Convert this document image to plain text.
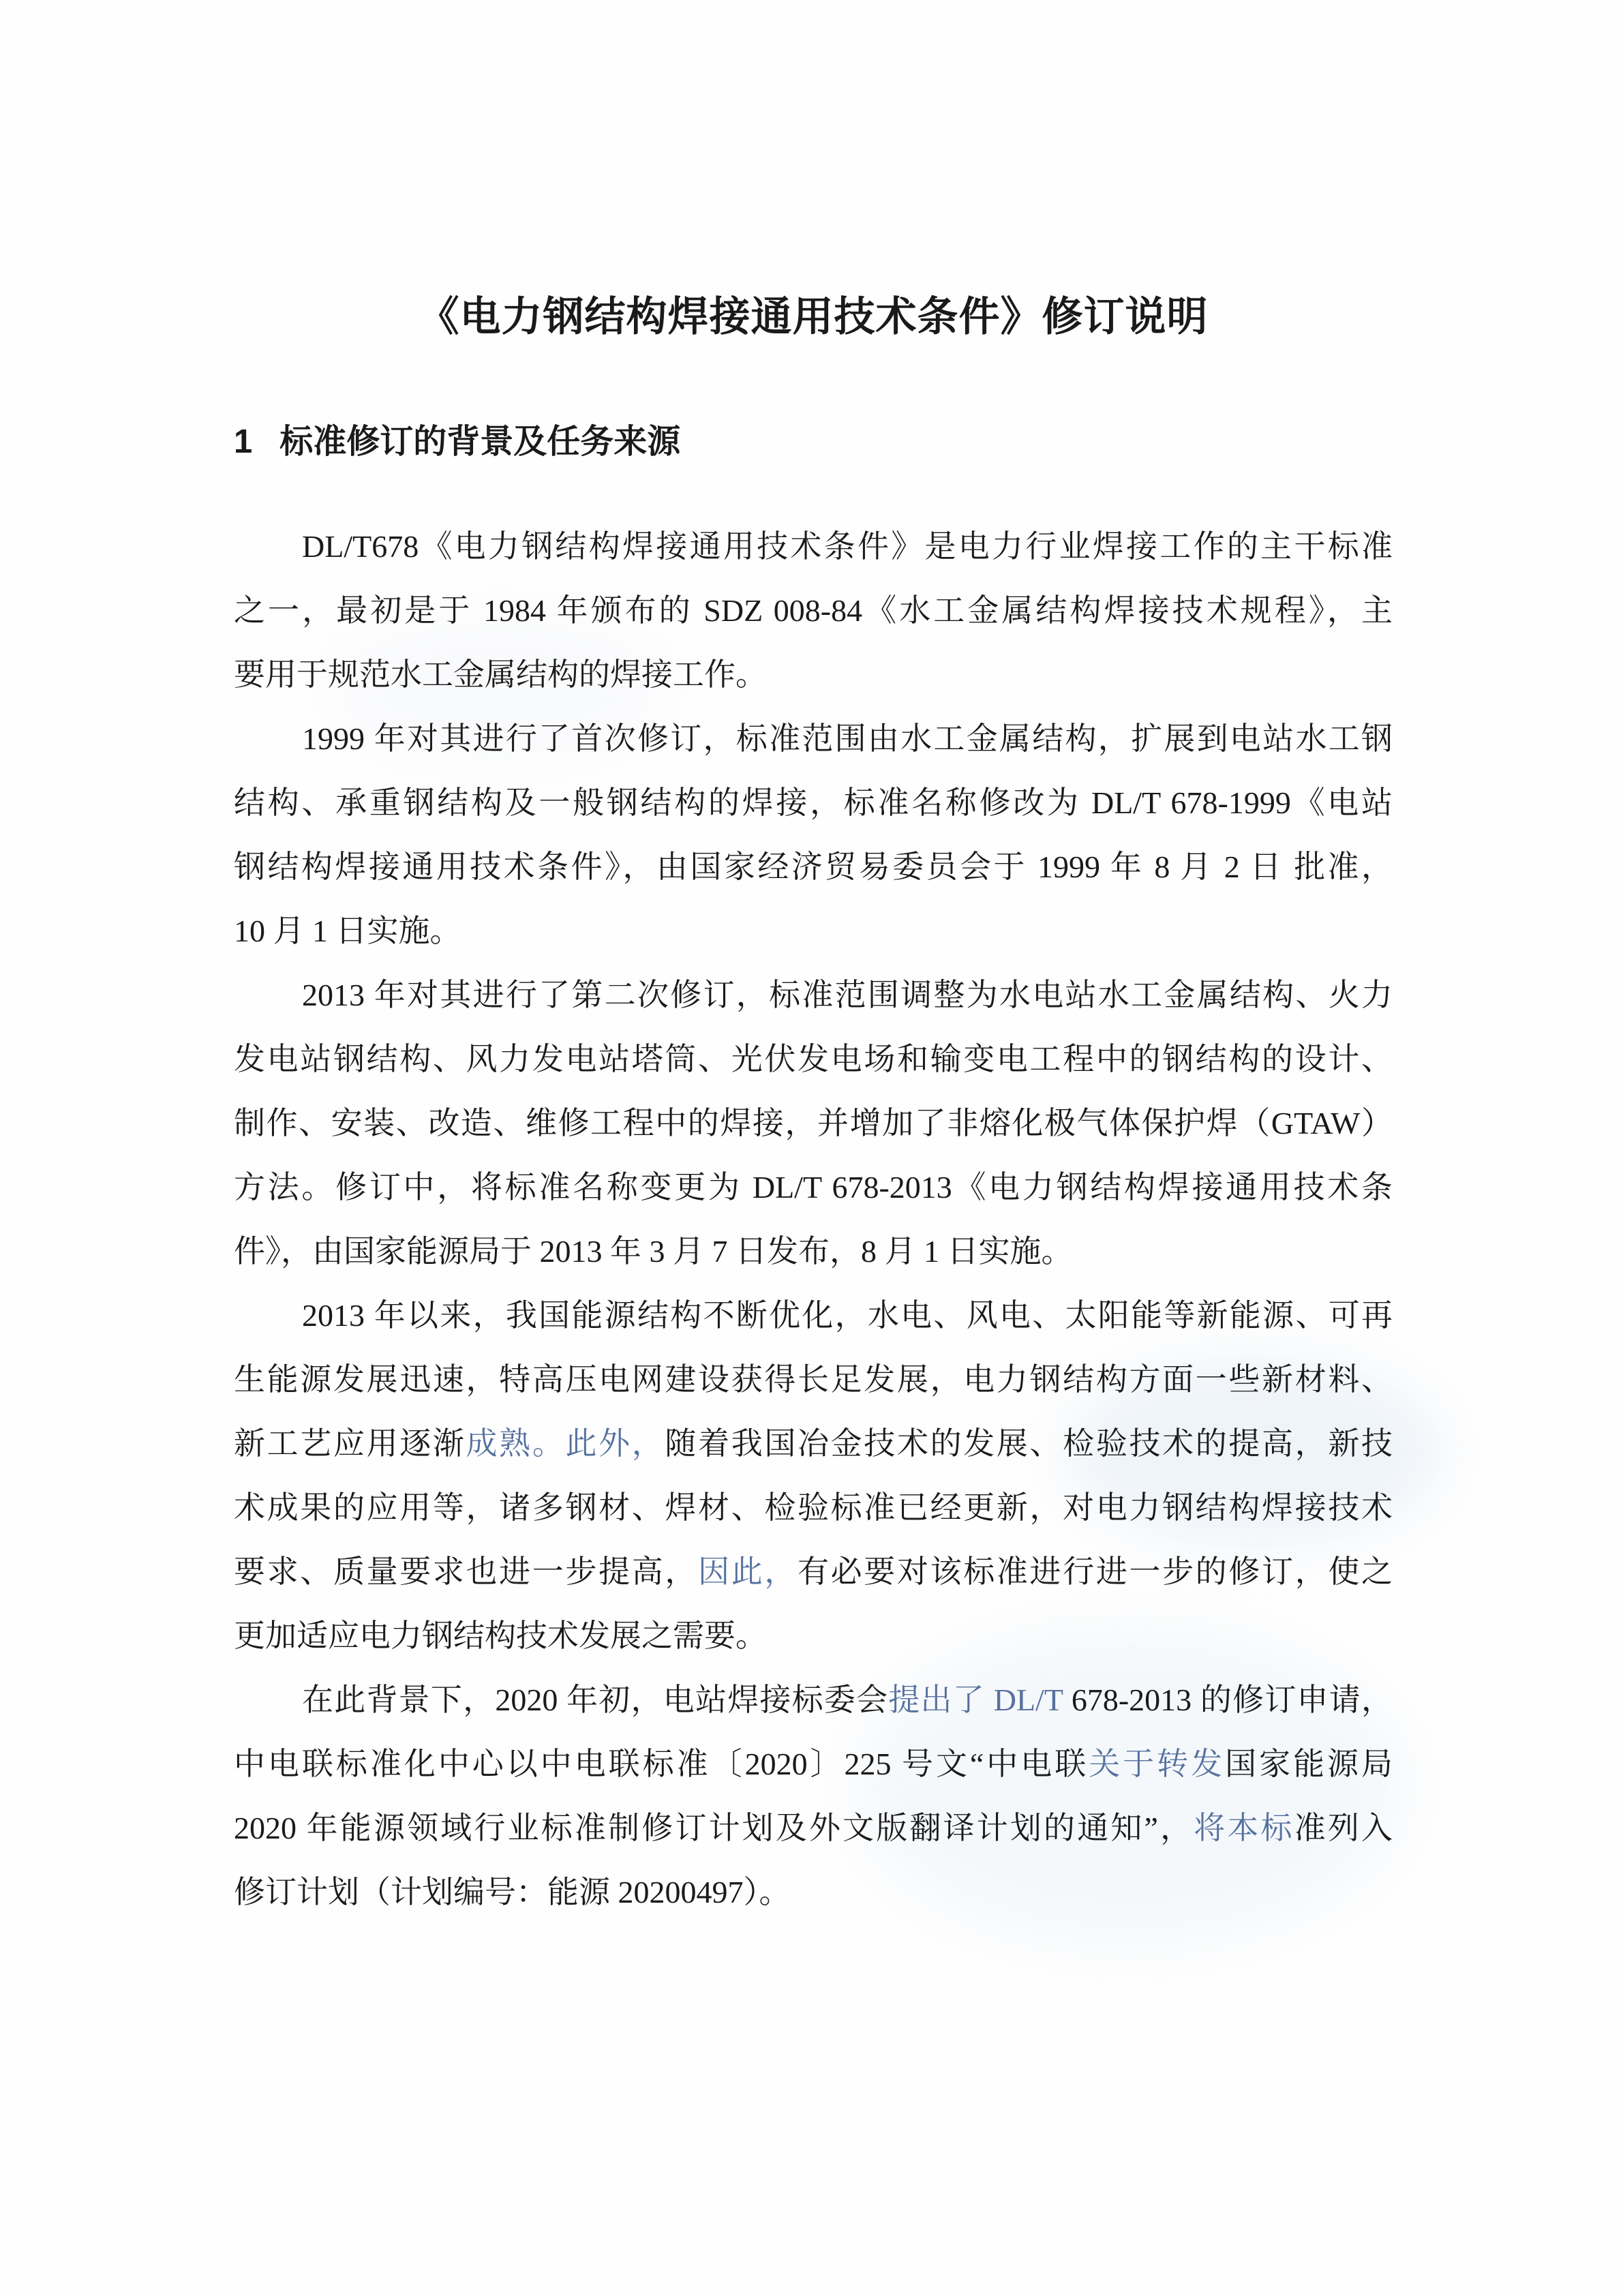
《电力钢结构焊接通用技术条件》修订说明
1 标准修订的背景及任务来源
DL/T678《电力钢结构焊接通用技术条件》是电力行业焊接工作的主干标准
之一，最初是于 1984 年颁布的 SDZ 008-84《水工金属结构焊接技术规程》，主
要用于规范水工金属结构的焊接工作。
1999 年对其进行了首次修订，标准范围由水工金属结构，扩展到电站水工钢
结构、承重钢结构及一般钢结构的焊接，标准名称修改为 DL/T 678-1999《电站
钢结构焊接通用技术条件》，由国家经济贸易委员会于 1999 年 8 月 2 日 批准，
10 月 1 日实施。
2013 年对其进行了第二次修订，标准范围调整为水电站水工金属结构、火力
发电站钢结构、风力发电站塔筒、光伏发电场和输变电工程中的钢结构的设计、
制作、安装、改造、维修工程中的焊接，并增加了非熔化极气体保护焊（GTAW）
方法。修订中，将标准名称变更为 DL/T 678-2013《电力钢结构焊接通用技术条
件》，由国家能源局于 2013 年 3 月 7 日发布，8 月 1 日实施。
2013 年以来，我国能源结构不断优化，水电、风电、太阳能等新能源、可再
生能源发展迅速，特高压电网建设获得长足发展，电力钢结构方面一些新材料、
新工艺应用逐渐成熟。此外，随着我国冶金技术的发展、检验技术的提高，新技
术成果的应用等，诸多钢材、焊材、检验标准已经更新，对电力钢结构焊接技术
要求、质量要求也进一步提高，因此，有必要对该标准进行进一步的修订，使之
更加适应电力钢结构技术发展之需要。
在此背景下，2020 年初，电站焊接标委会提出了 DL/T 678-2013 的修订申请，
中电联标准化中心以中电联标准〔2020〕225 号文“中电联关于转发国家能源局
2020 年能源领域行业标准制修订计划及外文版翻译计划的通知”，将本标准列入
修订计划（计划编号：能源 20200497）。
